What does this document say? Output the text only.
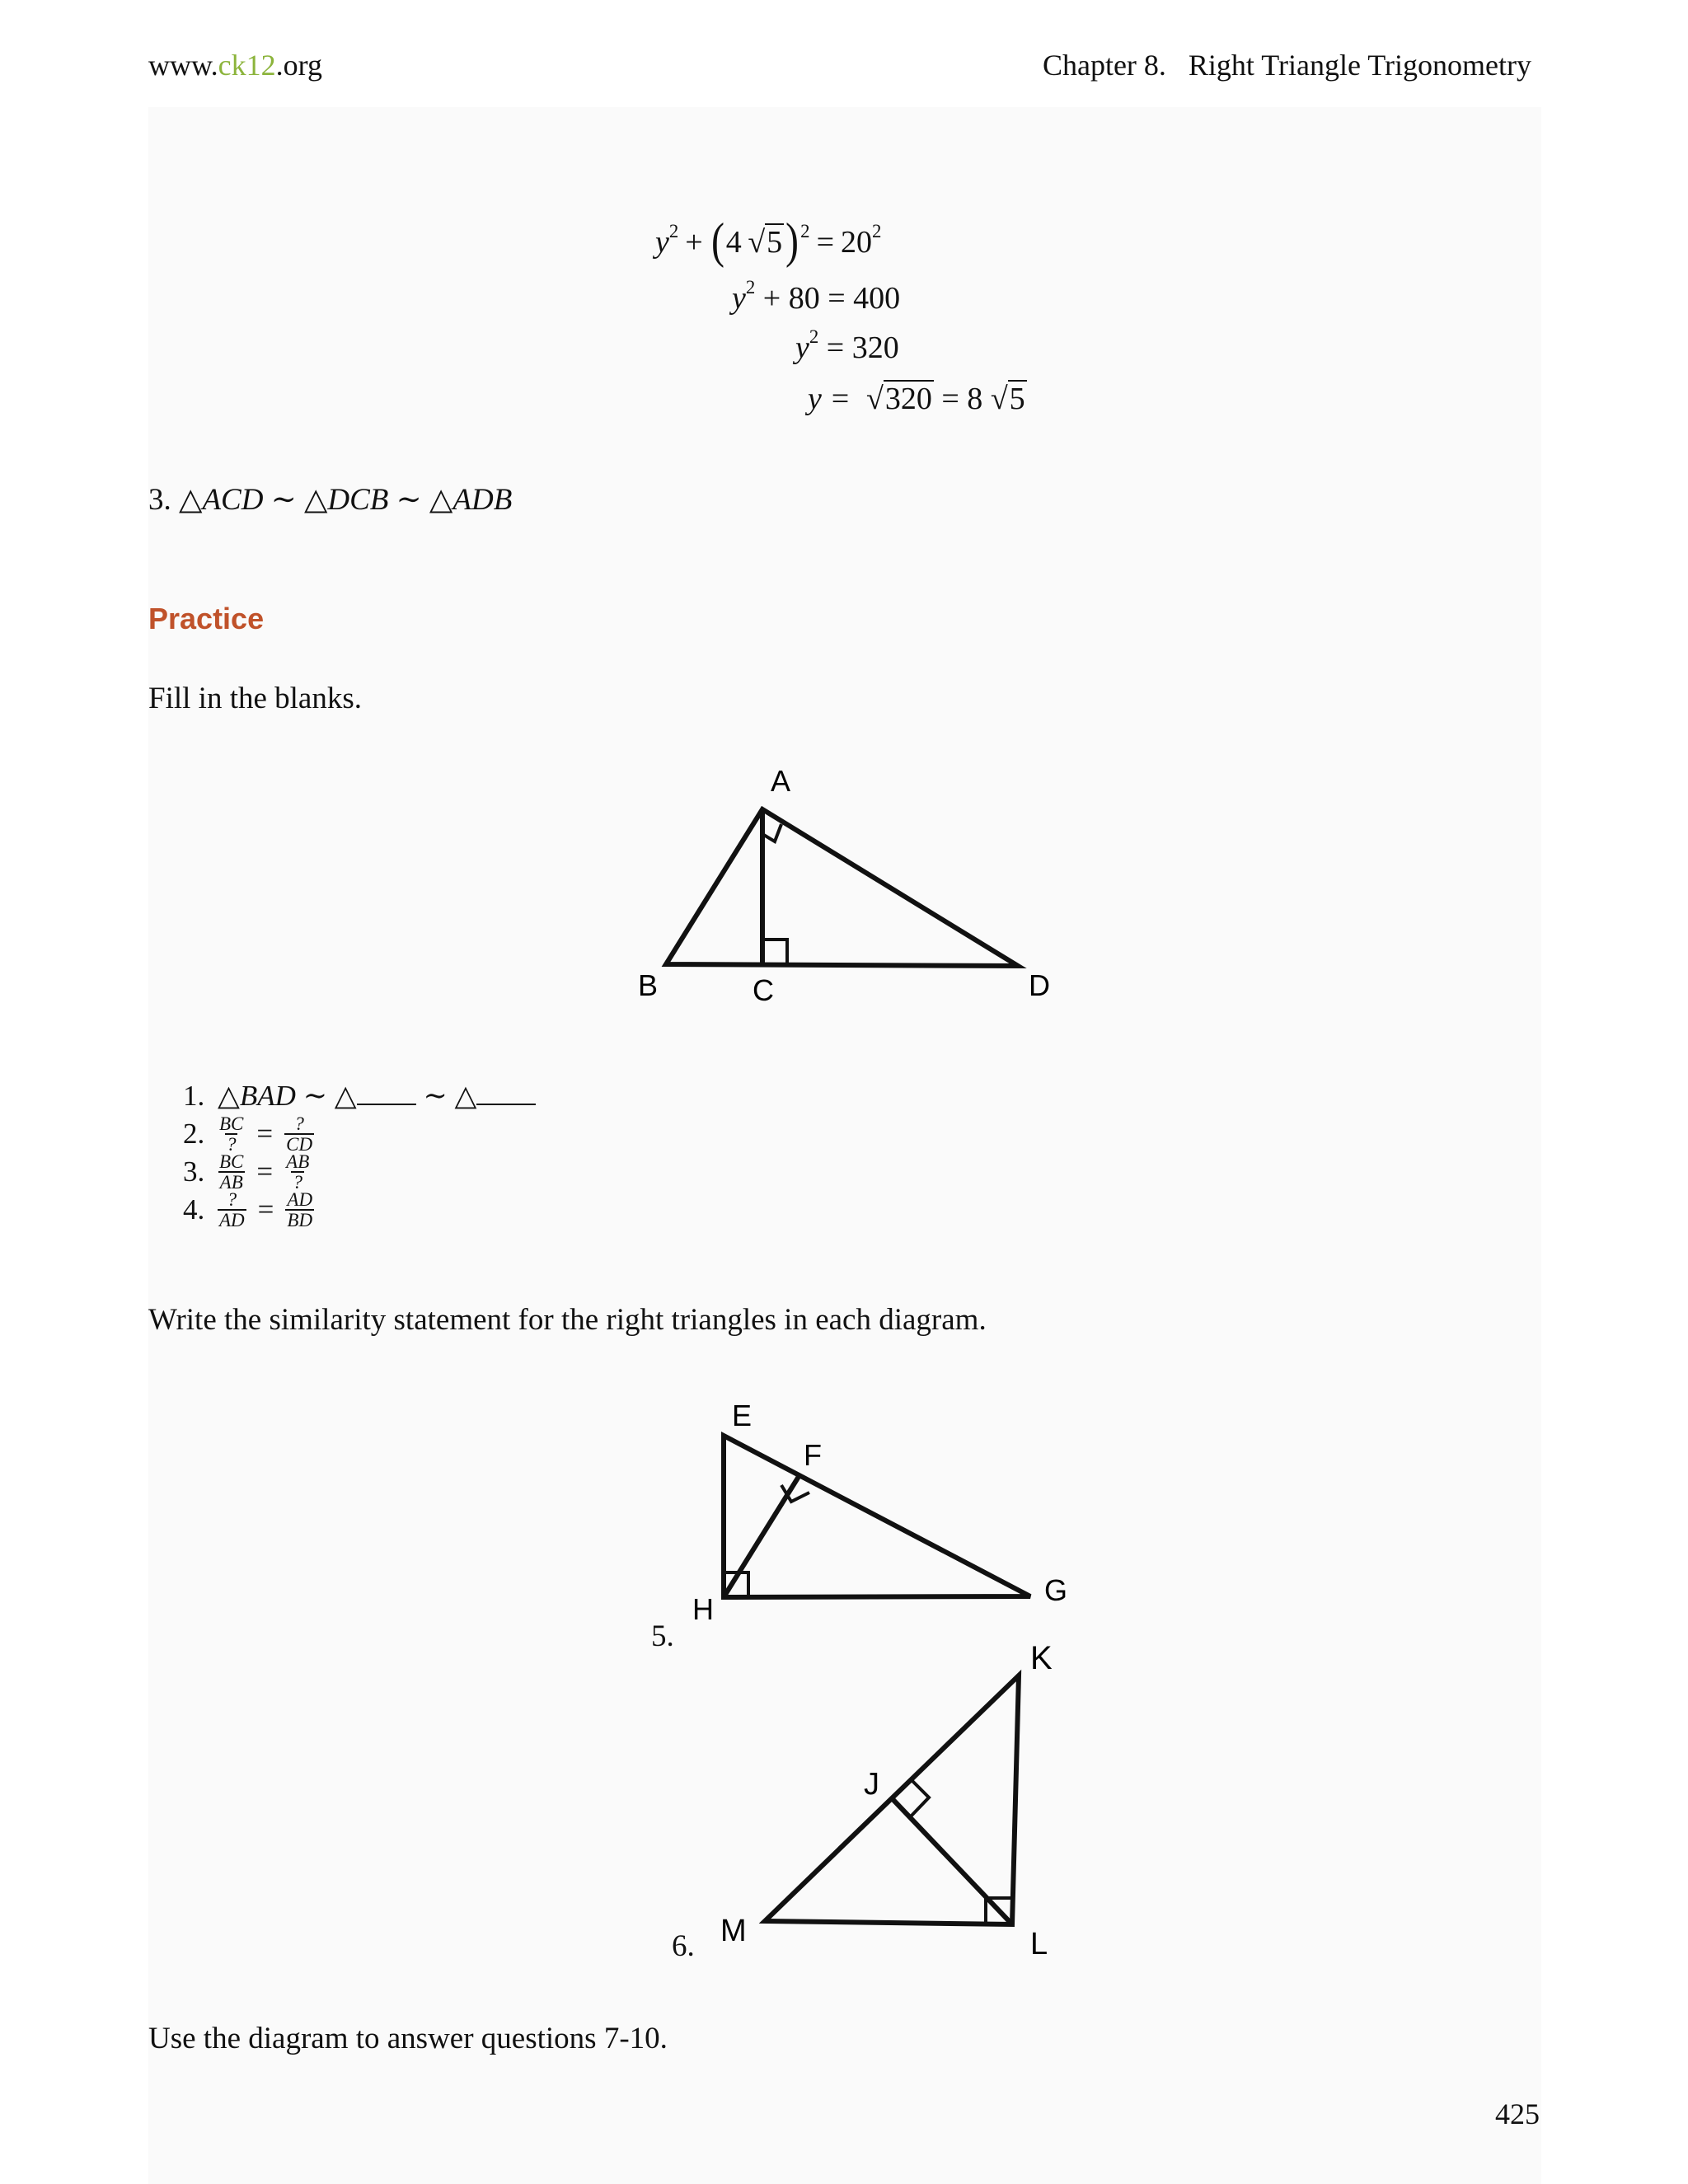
www.ck12.org	Chapter 8.   Right Triangle Trigonometry
$y^2 + (4$  $√5)^2 = 20^2$
$y^2 + 80 = 400$
$y^2 = 320$
y =  √320 = 8 √5
3. △ACD ∼ △DCB ∼ △ADB
Practice
Fill in the blanks.
A
B	C	D
1. △BAD ∼ △ ∼ △
2. $\frac{BC}{?} = \frac{?}{CD}$
3. $\frac{BC}{AB} = \frac{AB}{?}$
4. $\frac{?}{AD} = \frac{AD}{BD}$
Write the similarity statement for the right triangles in each diagram.
5.
E
F
G
H
6.
K
J
L
M
Use the diagram to answer questions 7-10.
425
